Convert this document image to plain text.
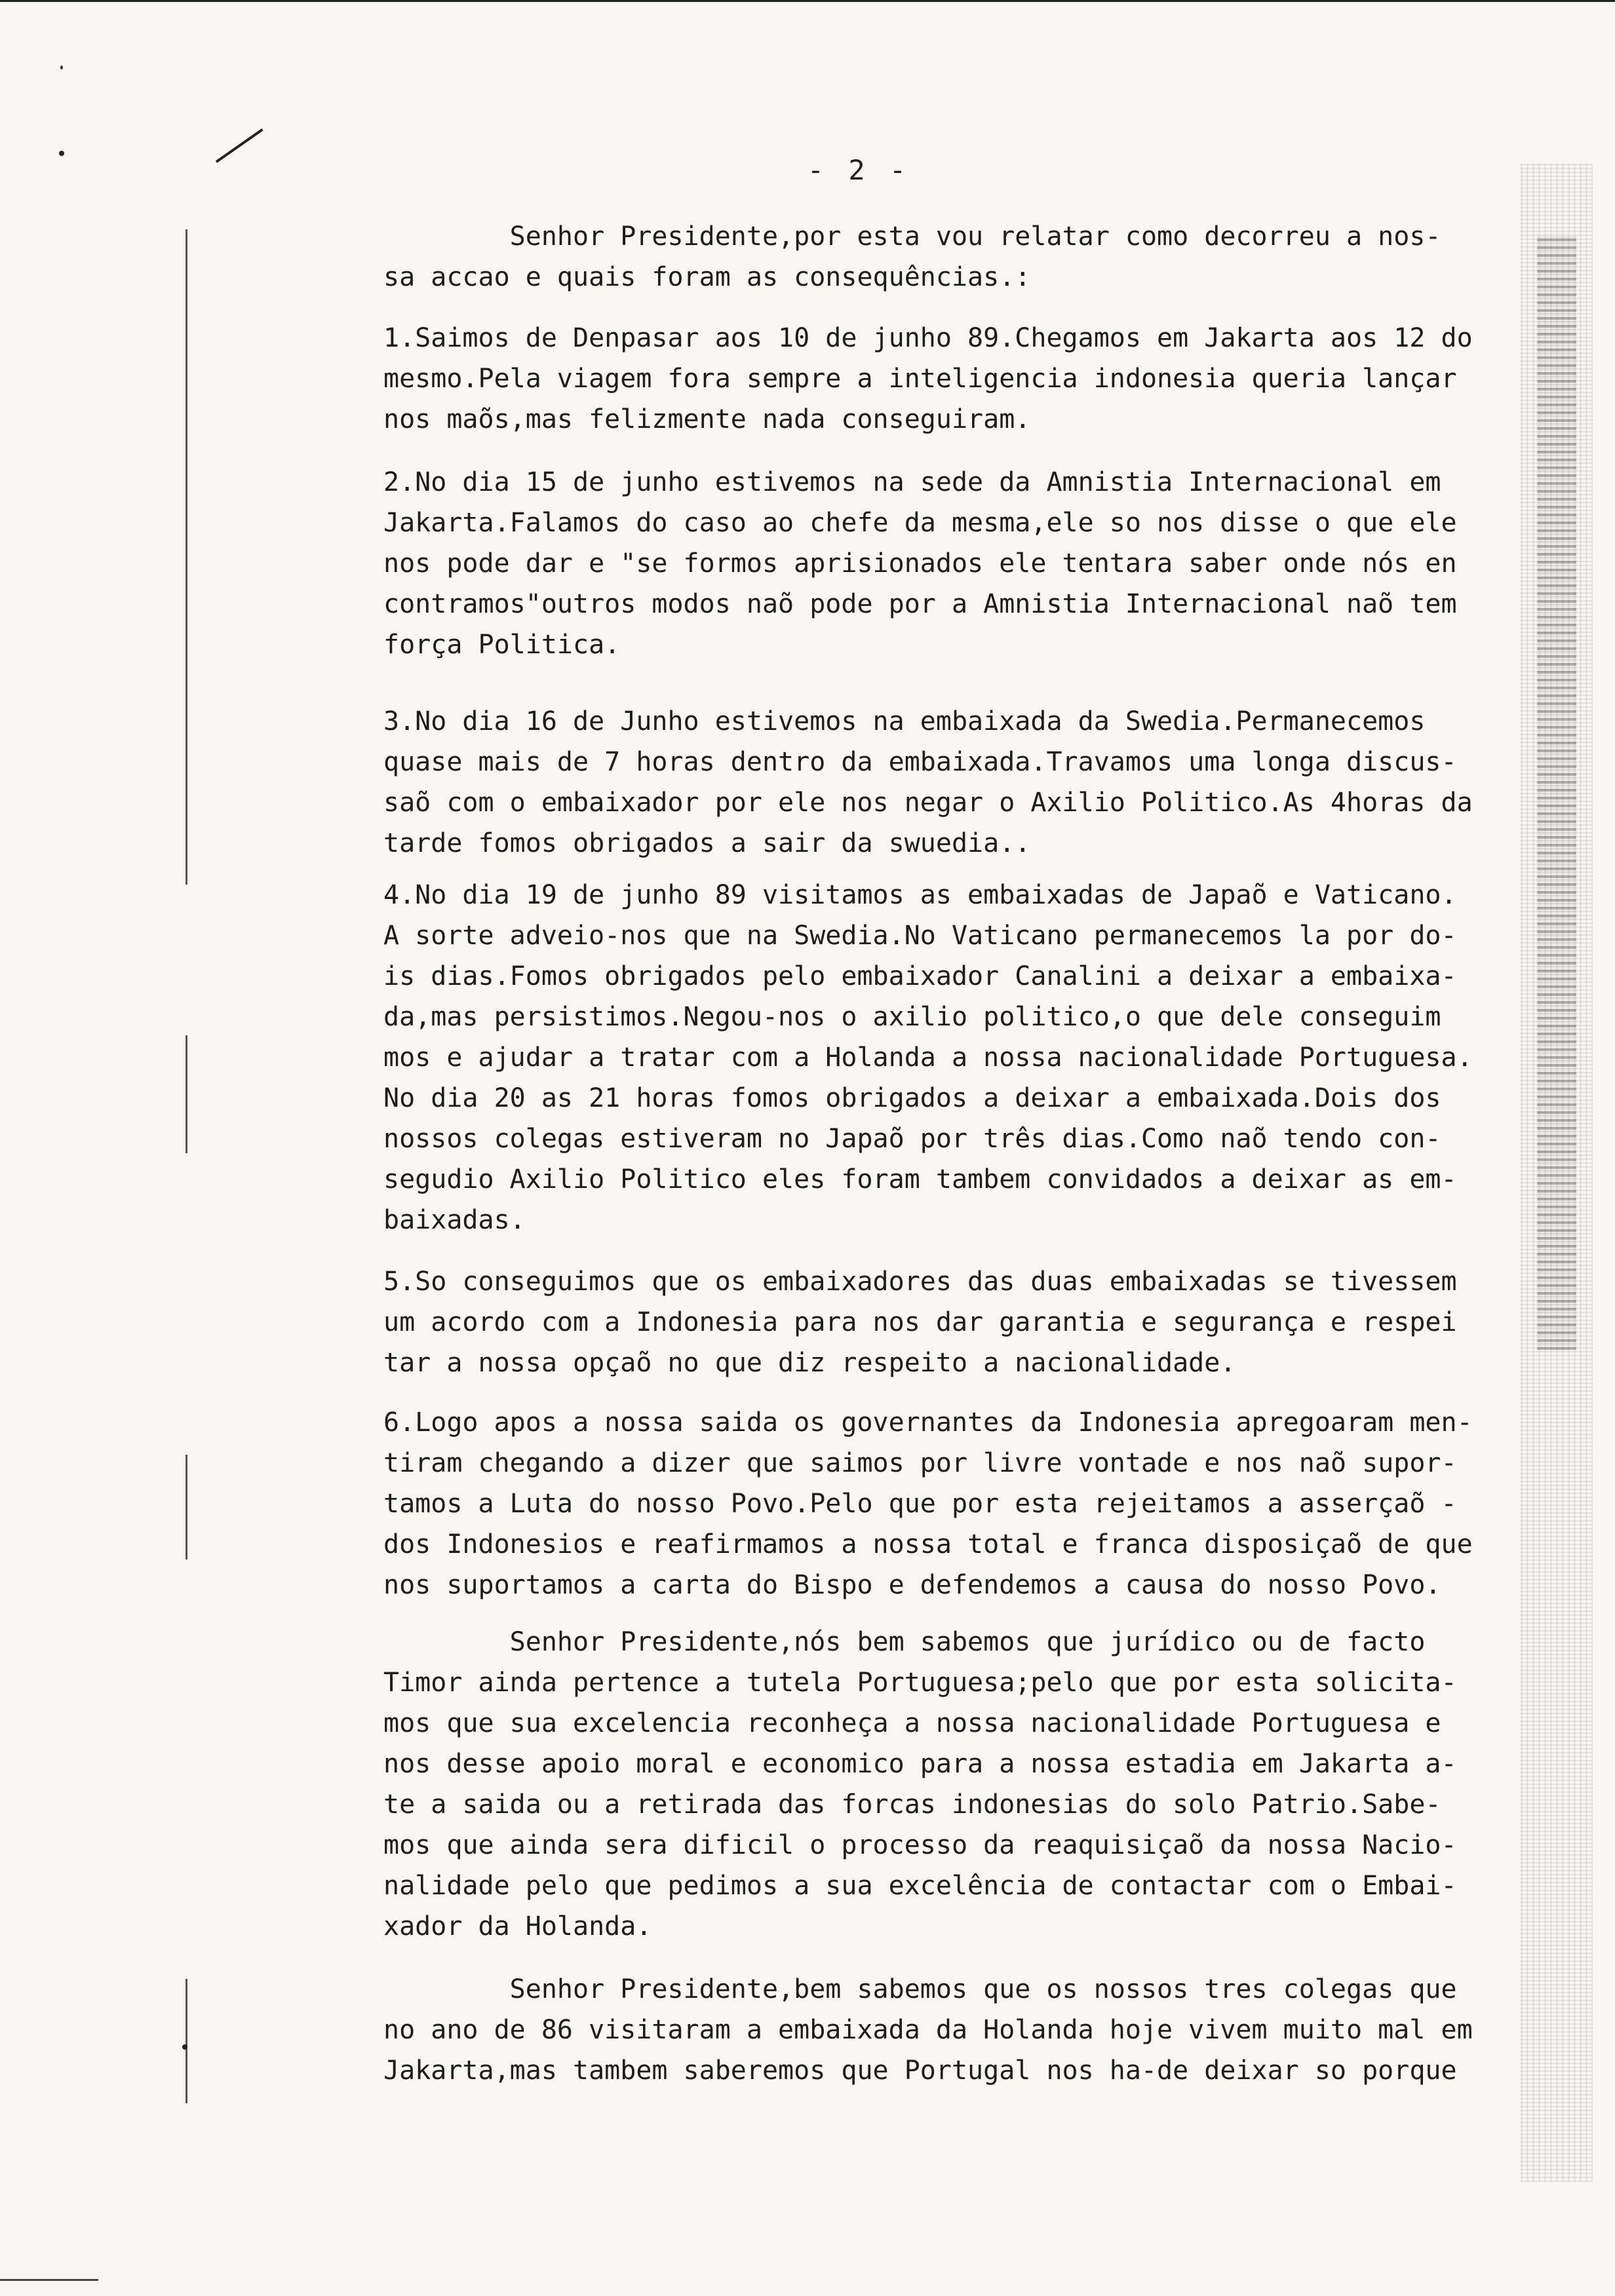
- 2 -
Senhor Presidente,por esta vou relatar como decorreu a nos-
sa accao e quais foram as consequências.:
1.Saimos de Denpasar aos 10 de junho 89.Chegamos em Jakarta aos 12 do
mesmo.Pela viagem fora sempre a inteligencia indonesia queria lançar
nos maõs,mas felizmente nada conseguiram.
2.No dia 15 de junho estivemos na sede da Amnistia Internacional em
Jakarta.Falamos do caso ao chefe da mesma,ele so nos disse o que ele
nos pode dar e "se formos aprisionados ele tentara saber onde nós en
contramos"outros modos naõ pode por a Amnistia Internacional naõ tem
força Politica.
3.No dia 16 de Junho estivemos na embaixada da Swedia.Permanecemos
quase mais de 7 horas dentro da embaixada.Travamos uma longa discus-
saõ com o embaixador por ele nos negar o Axilio Politico.As 4horas da
tarde fomos obrigados a sair da swuedia..
4.No dia 19 de junho 89 visitamos as embaixadas de Japaõ e Vaticano.
A sorte adveio-nos que na Swedia.No Vaticano permanecemos la por do-
is dias.Fomos obrigados pelo embaixador Canalini a deixar a embaixa-
da,mas persistimos.Negou-nos o axilio politico,o que dele conseguim
mos e ajudar a tratar com a Holanda a nossa nacionalidade Portuguesa.
No dia 20 as 21 horas fomos obrigados a deixar a embaixada.Dois dos
nossos colegas estiveram no Japaõ por três dias.Como naõ tendo con-
segudio Axilio Politico eles foram tambem convidados a deixar as em-
baixadas.
5.So conseguimos que os embaixadores das duas embaixadas se tivessem
um acordo com a Indonesia para nos dar garantia e segurança e respei
tar a nossa opçaõ no que diz respeito a nacionalidade.
6.Logo apos a nossa saida os governantes da Indonesia apregoaram men-
tiram chegando a dizer que saimos por livre vontade e nos naõ supor-
tamos a Luta do nosso Povo.Pelo que por esta rejeitamos a asserçaõ -
dos Indonesios e reafirmamos a nossa total e franca disposiçaõ de que
nos suportamos a carta do Bispo e defendemos a causa do nosso Povo.
Senhor Presidente,nós bem sabemos que jurídico ou de facto
Timor ainda pertence a tutela Portuguesa;pelo que por esta solicita-
mos que sua excelencia reconheça a nossa nacionalidade Portuguesa e
nos desse apoio moral e economico para a nossa estadia em Jakarta a-
te a saida ou a retirada das forcas indonesias do solo Patrio.Sabe-
mos que ainda sera dificil o processo da reaquisiçaõ da nossa Nacio-
nalidade pelo que pedimos a sua excelência de contactar com o Embai-
xador da Holanda.
Senhor Presidente,bem sabemos que os nossos tres colegas que
no ano de 86 visitaram a embaixada da Holanda hoje vivem muito mal em
Jakarta,mas tambem saberemos que Portugal nos ha-de deixar so porque
